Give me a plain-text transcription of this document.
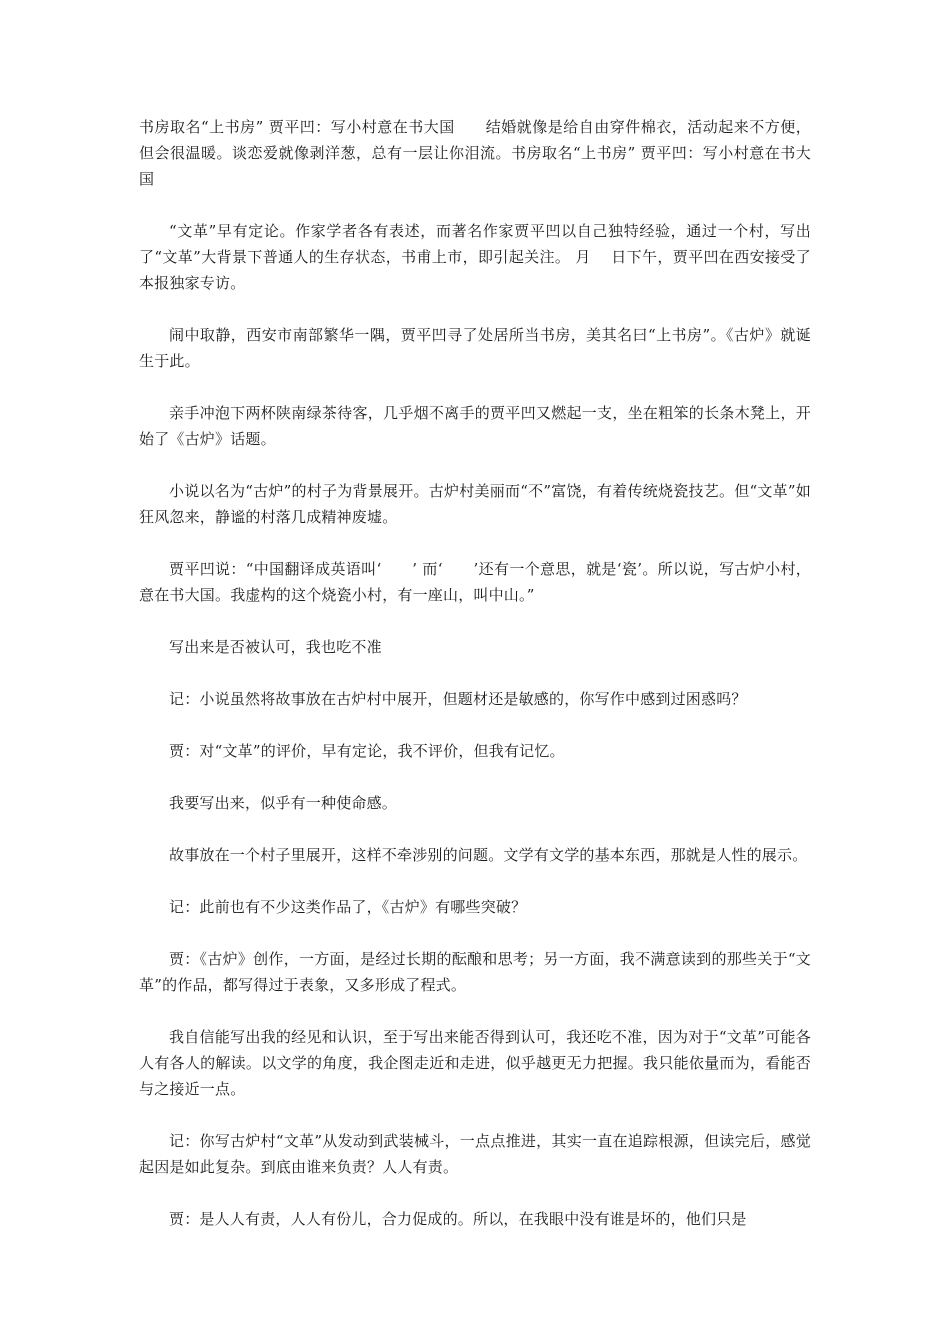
书房取名“上书房” 贾平凹：写小村意在书大国　　结婚就像是给自由穿件棉衣，活动起来不方便，但会很温暖。谈恋爱就像剥洋葱，总有一层让你泪流。书房取名“上书房” 贾平凹：写小村意在书大国

“文革”早有定论。作家学者各有表述，而著名作家贾平凹以自己独特经验，通过一个村，写出了“文革”大背景下普通人的生存状态，书甫上市，即引起关注。 月　 日下午，贾平凹在西安接受了本报独家专访。

闹中取静，西安市南部繁华一隅，贾平凹寻了处居所当书房，美其名曰“上书房”。《古炉》就诞生于此。

亲手冲泡下两杯陕南绿茶待客，几乎烟不离手的贾平凹又燃起一支，坐在粗笨的长条木凳上，开始了《古炉》话题。

小说以名为“古炉”的村子为背景展开。古炉村美丽而“不”富饶，有着传统烧瓷技艺。但“文革”如狂风忽来，静谧的村落几成精神废墟。

贾平凹说：“中国翻译成英语叫‘　　’ 而‘　　’还有一个意思，就是‘瓷’。所以说，写古炉小村，意在书大国。我虚构的这个烧瓷小村，有一座山，叫中山。”

写出来是否被认可，我也吃不准

记：小说虽然将故事放在古炉村中展开，但题材还是敏感的，你写作中感到过困惑吗？

贾：对“文革”的评价，早有定论，我不评价，但我有记忆。

我要写出来，似乎有一种使命感。

故事放在一个村子里展开，这样不牵涉别的问题。文学有文学的基本东西，那就是人性的展示。

记：此前也有不少这类作品了，《古炉》有哪些突破？

贾：《古炉》创作，一方面，是经过长期的酝酿和思考；另一方面，我不满意读到的那些关于“文革”的作品，都写得过于表象，又多形成了程式。

我自信能写出我的经见和认识，至于写出来能否得到认可，我还吃不准，因为对于“文革”可能各人有各人的解读。以文学的角度，我企图走近和走进，似乎越更无力把握。我只能依量而为，看能否与之接近一点。

记：你写古炉村“文革”从发动到武装械斗，一点点推进，其实一直在追踪根源，但读完后，感觉起因是如此复杂。到底由谁来负责？人人有责。

贾：是人人有责，人人有份儿，合力促成的。所以，在我眼中没有谁是坏的，他们只是
